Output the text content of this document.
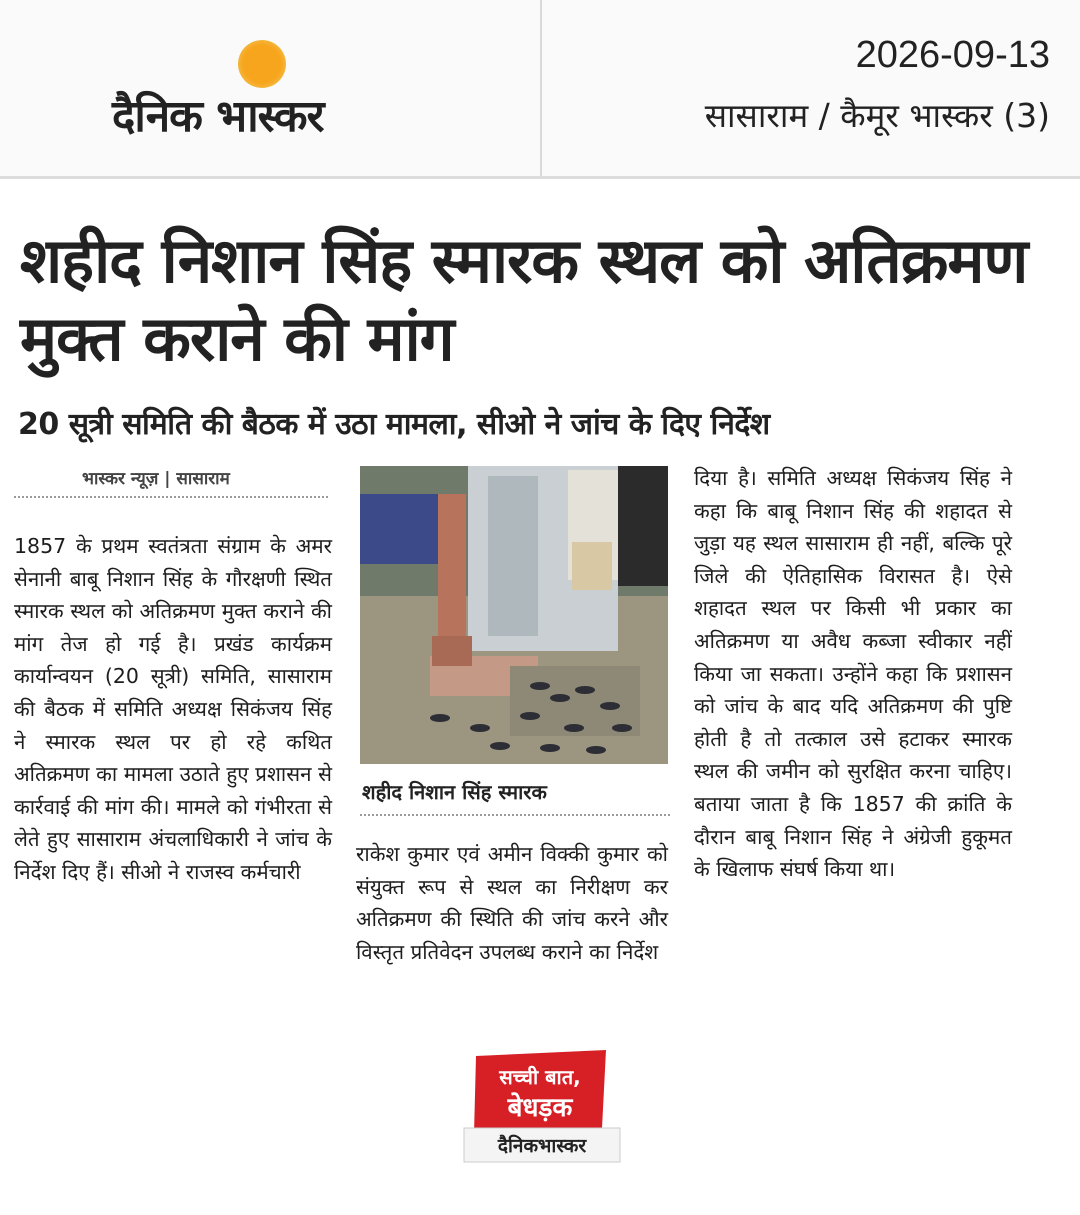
दैनिक भास्कर
2026-09-13
सासाराम / कैमूर भास्कर (3)
शहीद निशान सिंह स्मारक स्थल को अतिक्रमण मुक्त कराने की मांग
20 सूत्री समिति की बैठक में उठा मामला, सीओ ने जांच के दिए निर्देश
भास्कर न्यूज़ | सासाराम
1857 के प्रथम स्वतंत्रता संग्राम के अमर सेनानी बाबू निशान सिंह के गौरक्षणी स्थित स्मारक स्थल को अतिक्रमण मुक्त कराने की मांग तेज हो गई है। प्रखंड कार्यक्रम कार्यान्वयन (20 सूत्री) समिति, सासाराम की बैठक में समिति अध्यक्ष सिकंजय सिंह ने स्मारक स्थल पर हो रहे कथित अतिक्रमण का मामला उठाते हुए प्रशासन से कार्रवाई की मांग की। मामले को गंभीरता से लेते हुए सासाराम अंचलाधिकारी ने जांच के निर्देश दिए हैं। सीओ ने राजस्व कर्मचारी
शहीद निशान सिंह स्मारक
राकेश कुमार एवं अमीन विक्की कुमार को संयुक्त रूप से स्थल का निरीक्षण कर अतिक्रमण की स्थिति की जांच करने और विस्तृत प्रतिवेदन उपलब्ध कराने का निर्देश
दिया है। समिति अध्यक्ष सिकंजय सिंह ने कहा कि बाबू निशान सिंह की शहादत से जुड़ा यह स्थल सासाराम ही नहीं, बल्कि पूरे जिले की ऐतिहासिक विरासत है। ऐसे शहादत स्थल पर किसी भी प्रकार का अतिक्रमण या अवैध कब्जा स्वीकार नहीं किया जा सकता। उन्होंने कहा कि प्रशासन को जांच के बाद यदि अतिक्रमण की पुष्टि होती है तो तत्काल उसे हटाकर स्मारक स्थल की जमीन को सुरक्षित करना चाहिए। बताया जाता है कि 1857 की क्रांति के दौरान बाबू निशान सिंह ने अंग्रेजी हुकूमत के खिलाफ संघर्ष किया था।
सच्ची बात,
बेधड़क
दैनिकभास्कर
